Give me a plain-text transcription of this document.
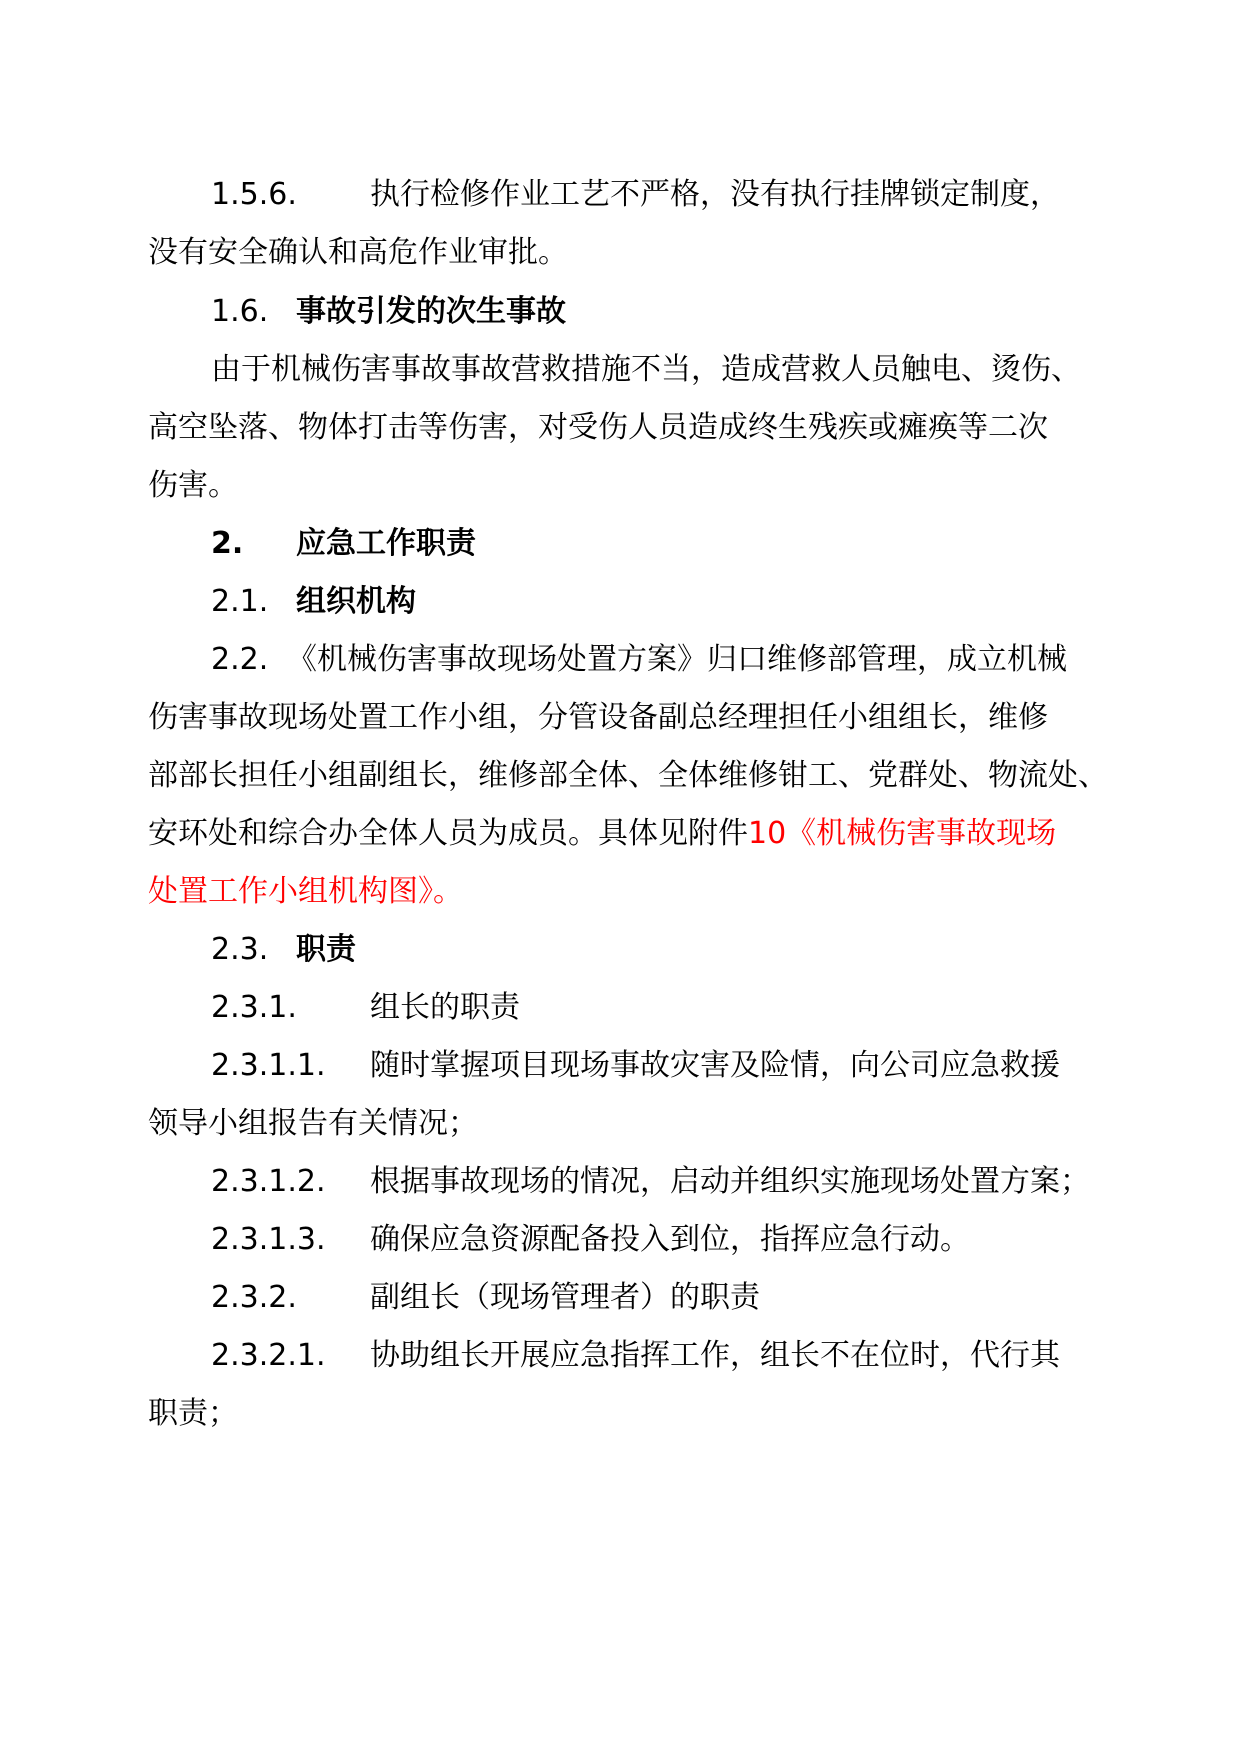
1.5.6. 执行检修作业工艺不严格，没有执行挂牌锁定制度，
没有安全确认和高危作业审批。
1.6. 事故引发的次生事故
由于机械伤害事故事故营救措施不当，造成营救人员触电、烫伤、
高空坠落、物体打击等伤害，对受伤人员造成终生残疾或瘫痪等二次
伤害。
2. 应急工作职责
2.1. 组织机构
2.2. 《机械伤害事故现场处置方案》归口维修部管理，成立机械
伤害事故现场处置工作小组，分管设备副总经理担任小组组长，维修
部部长担任小组副组长，维修部全体、全体维修钳工、党群处、物流处、
安环处和综合办全体人员为成员。具体见附件10《机械伤害事故现场
处置工作小组机构图》。
2.3. 职责
2.3.1. 组长的职责
2.3.1.1. 随时掌握项目现场事故灾害及险情，向公司应急救援
领导小组报告有关情况；
2.3.1.2. 根据事故现场的情况，启动并组织实施现场处置方案；
2.3.1.3. 确保应急资源配备投入到位，指挥应急行动。
2.3.2. 副组长（现场管理者）的职责
2.3.2.1. 协助组长开展应急指挥工作，组长不在位时，代行其
职责；
